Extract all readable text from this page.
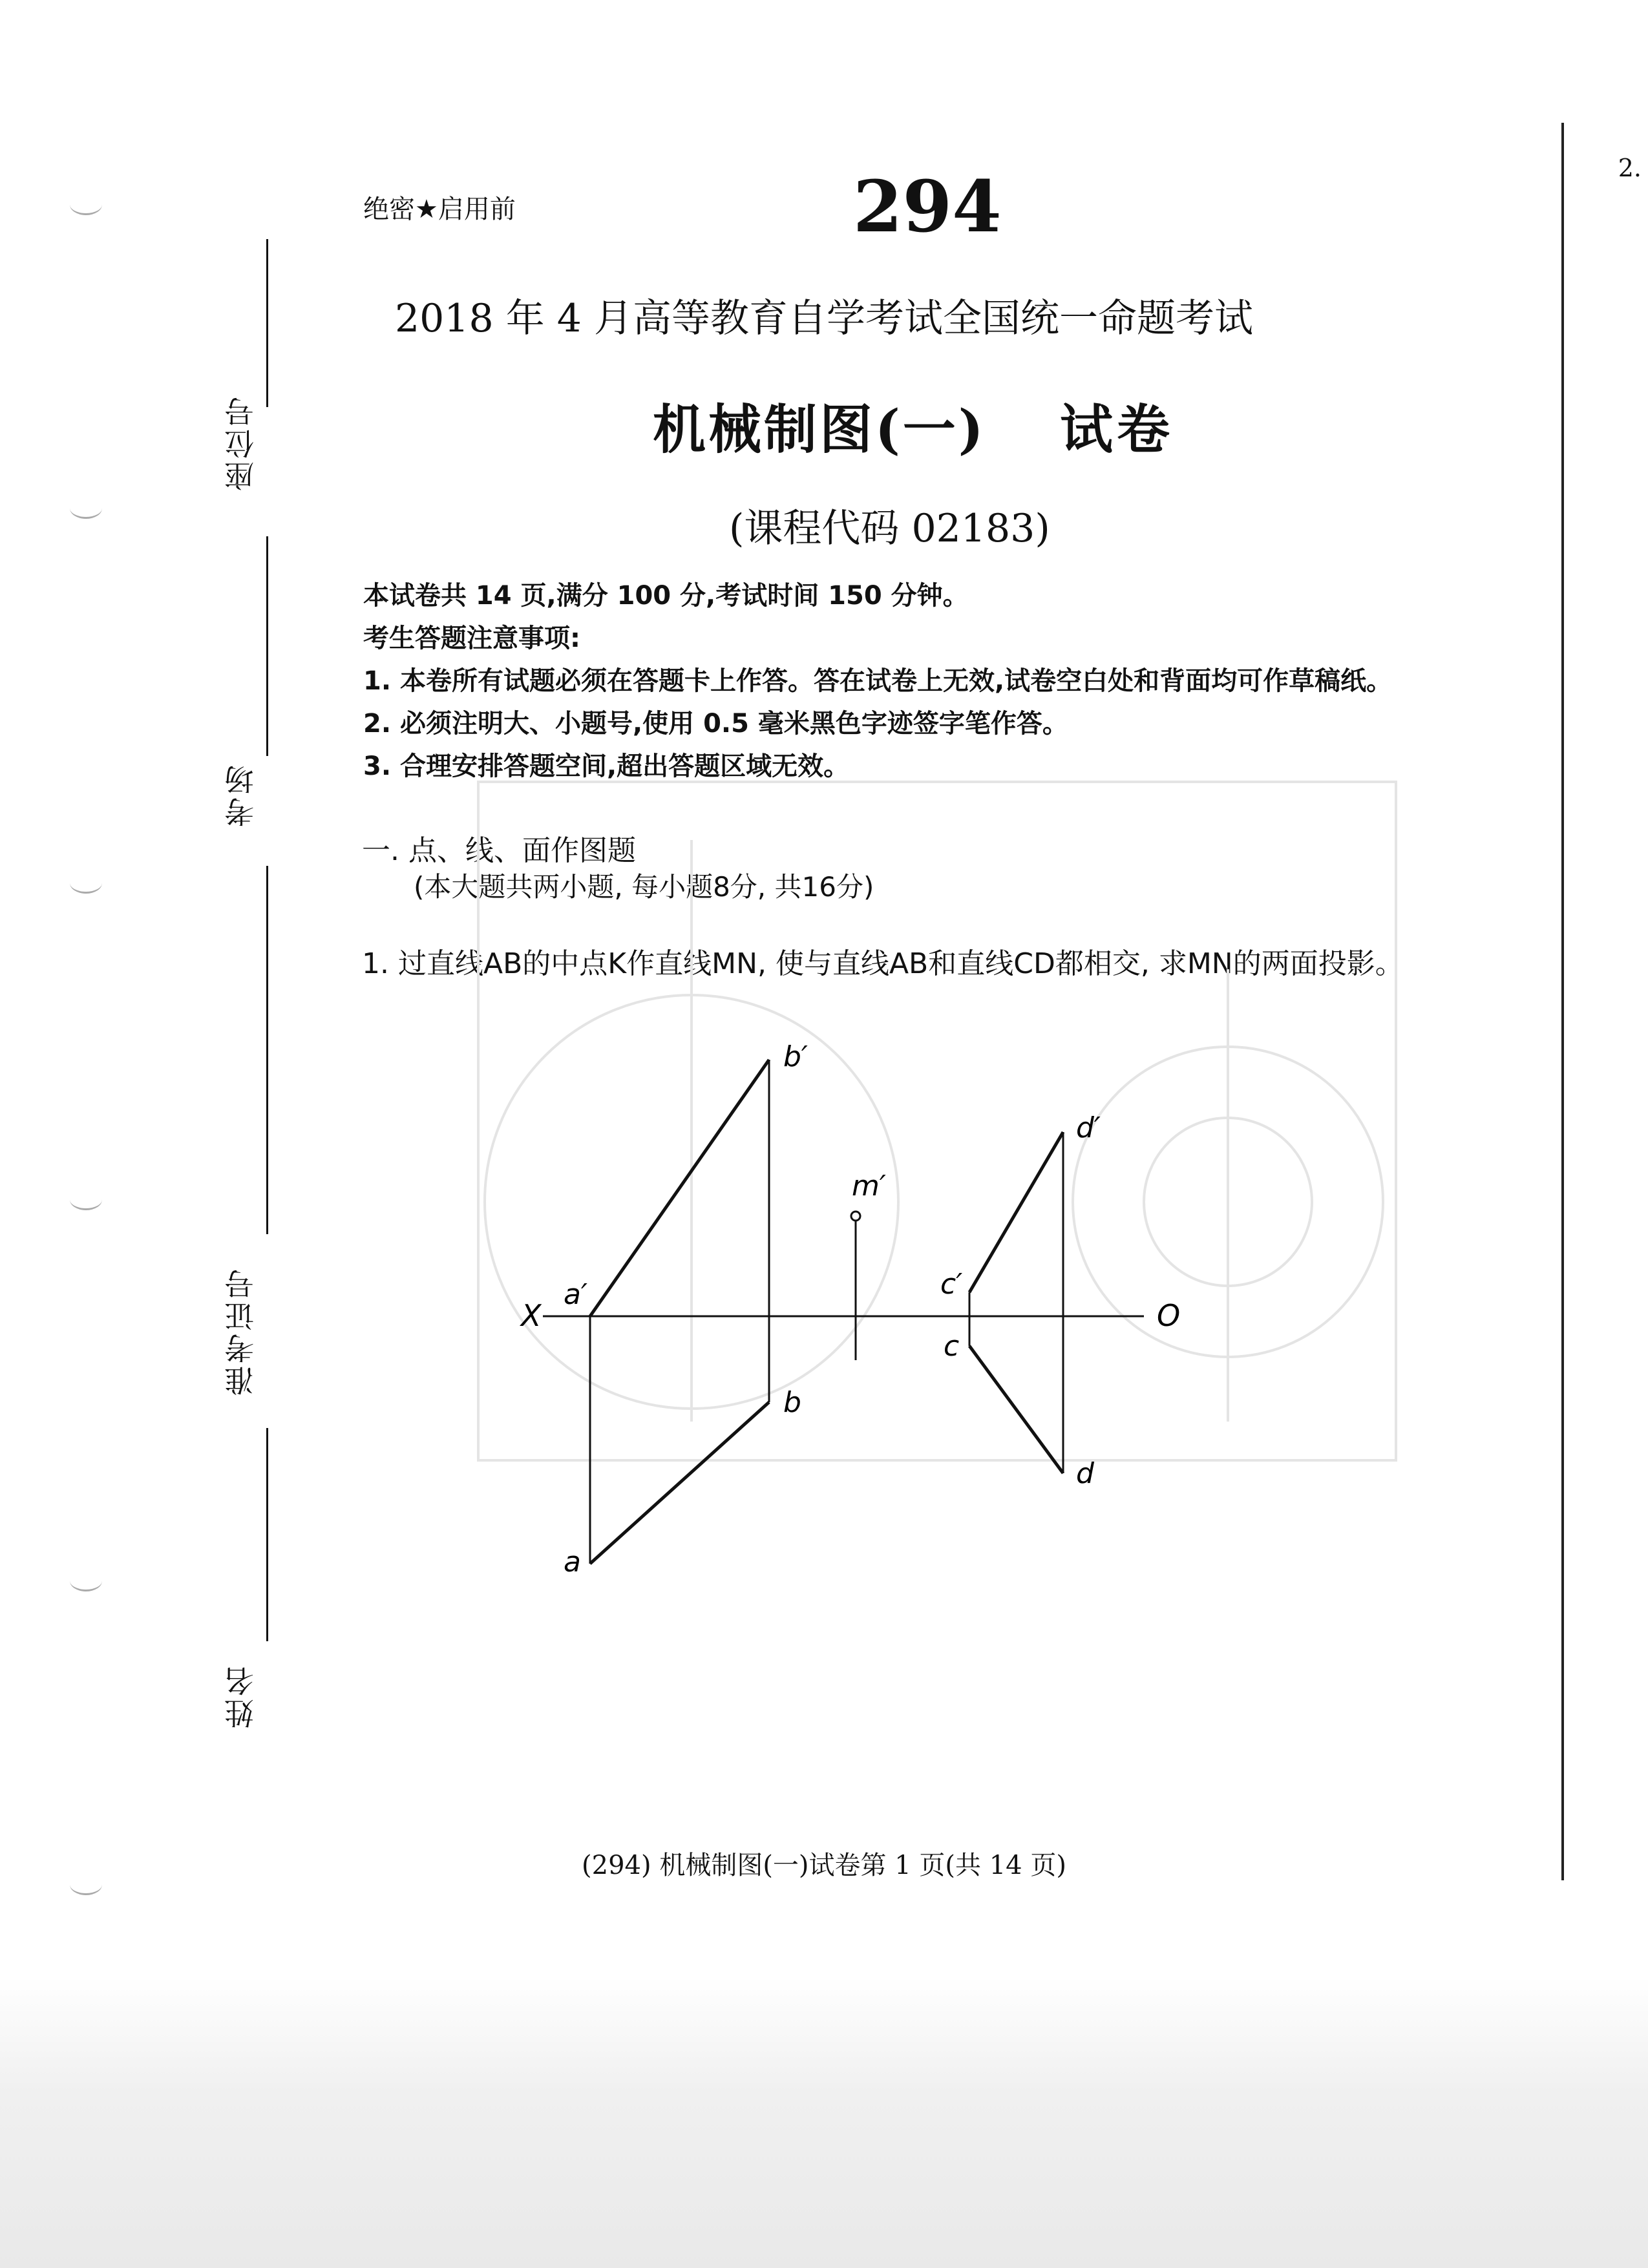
2.
座位号
考场
准考证号
姓名
绝密★启用前	294
2018 年 4 月高等教育自学考试全国统一命题考试
机械制图(一) 试卷
(课程代码 02183)
本试卷共 14 页,满分 100 分,考试时间 150 分钟。
考生答题注意事项:
1. 本卷所有试题必须在答题卡上作答。答在试卷上无效,试卷空白处和背面均可作草稿纸。
2. 必须注明大、小题号,使用 0.5 毫米黑色字迹签字笔作答。
3. 合理安排答题空间,超出答题区域无效。
一. 点、线、面作图题
(本大题共两小题, 每小题8分, 共16分)
1. 过直线AB的中点K作直线MN, 使与直线AB和直线CD都相交, 求MN的两面投影。
X	O
a′
b′
c′
d′
m′
a
b
c
d
(294) 机械制图(一)试卷第 1 页(共 14 页)
